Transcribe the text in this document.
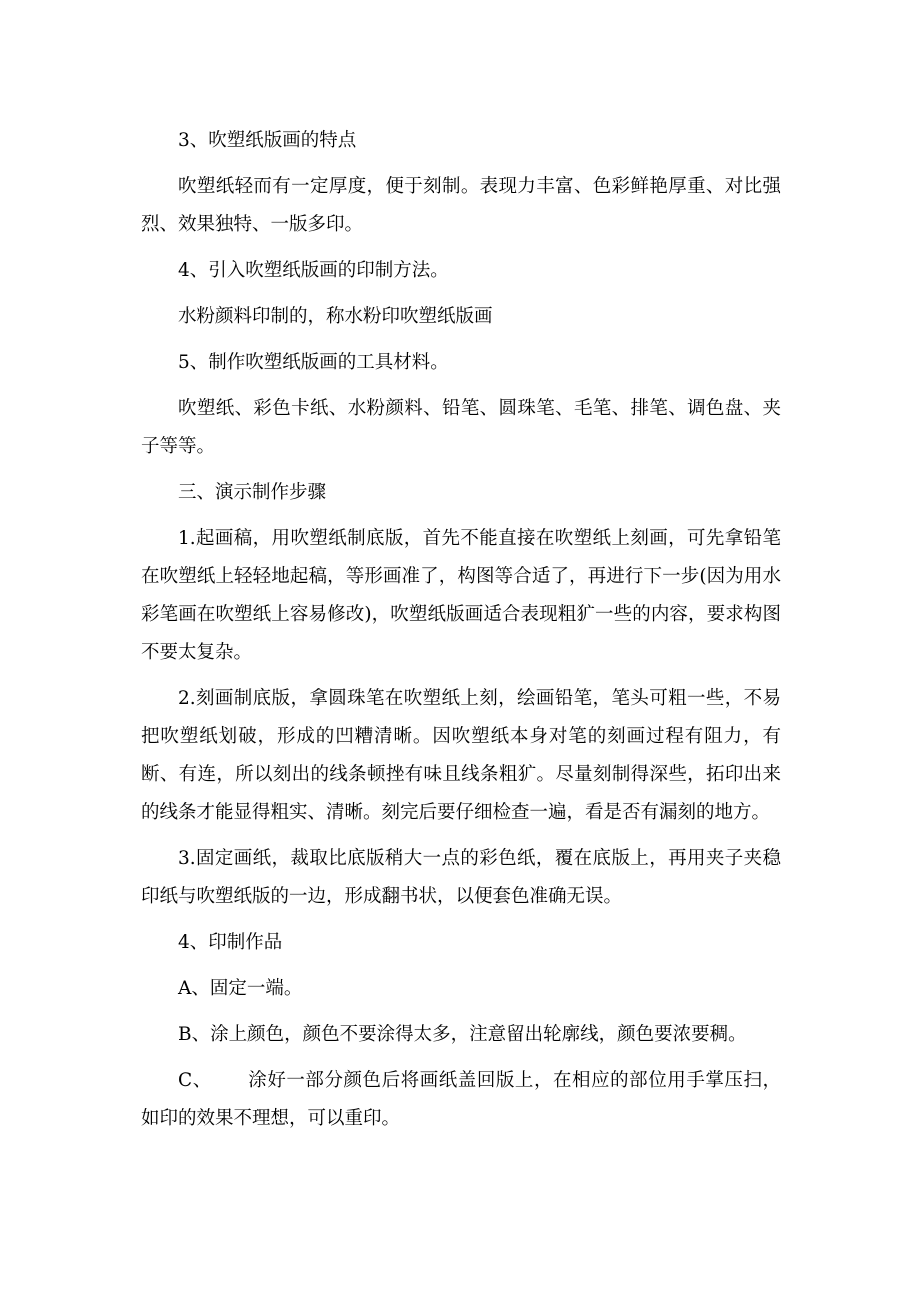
3、吹塑纸版画的特点

吹塑纸轻而有一定厚度，便于刻制。表现力丰富、色彩鲜艳厚重、对比强烈、效果独特、一版多印。

4、引入吹塑纸版画的印制方法。

水粉颜料印制的，称水粉印吹塑纸版画

5、制作吹塑纸版画的工具材料。

吹塑纸、彩色卡纸、水粉颜料、铅笔、圆珠笔、毛笔、排笔、调色盘、夹子等等。

三、演示制作步骤

1.起画稿，用吹塑纸制底版，首先不能直接在吹塑纸上刻画，可先拿铅笔在吹塑纸上轻轻地起稿，等形画准了，构图等合适了，再进行下一步(因为用水彩笔画在吹塑纸上容易修改)，吹塑纸版画适合表现粗犷一些的内容，要求构图不要太复杂。

2.刻画制底版，拿圆珠笔在吹塑纸上刻，绘画铅笔，笔头可粗一些，不易把吹塑纸划破，形成的凹糟清晰。因吹塑纸本身对笔的刻画过程有阻力，有断、有连，所以刻出的线条顿挫有味且线条粗犷。尽量刻制得深些，拓印出来的线条才能显得粗实、清晰。刻完后要仔细检查一遍，看是否有漏刻的地方。

3.固定画纸，裁取比底版稍大一点的彩色纸，覆在底版上，再用夹子夹稳印纸与吹塑纸版的一边，形成翻书状，以便套色准确无误。

4、印制作品

A、固定一端。

B、涂上颜色，颜色不要涂得太多，注意留出轮廓线，颜色要浓要稠。

C、 涂好一部分颜色后将画纸盖回版上，在相应的部位用手掌压扫，如印的效果不理想，可以重印。
